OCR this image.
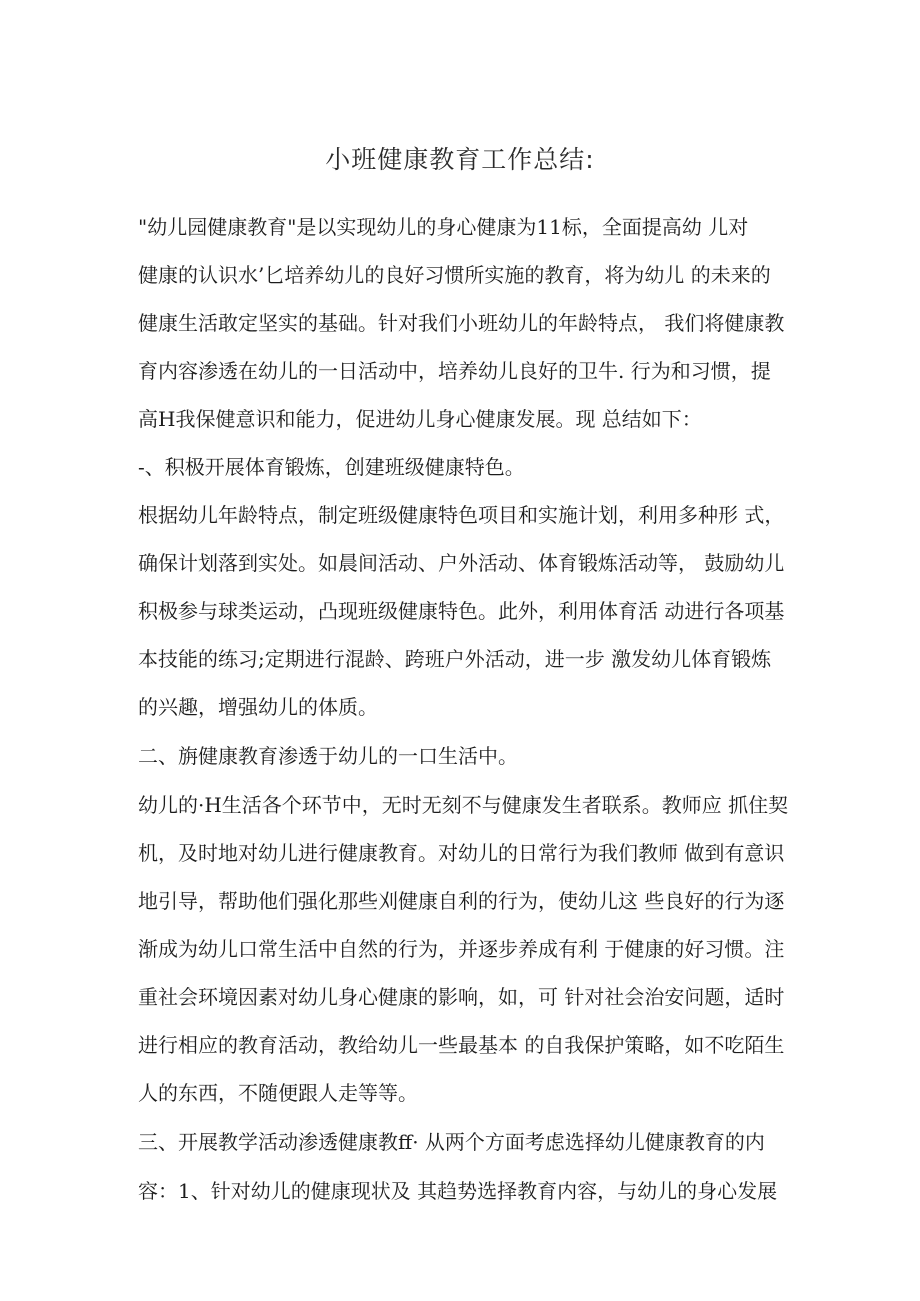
小班健康教育工作总结:
"幼儿园健康教育"是以实现幼儿的身心健康为11标，全面提高幼 儿对
健康的认识水’匕培养幼儿的良好习惯所实施的教育，将为幼儿 的未来的
健康生活敢定坚实的基础。针对我们小班幼儿的年龄特点， 我们将健康教
育内容渗透在幼儿的一日活动中，培养幼儿良好的卫牛. 行为和习惯，提
高H我保健意识和能力，促进幼儿身心健康发展。现 总结如下：
-、积极开展体育锻炼，创建班级健康特色。
根据幼儿年龄特点，制定班级健康特色项目和实施计划，利用多种形 式，
确保计划落到实处。如晨间活动、户外活动、体育锻炼活动等， 鼓励幼儿
积极参与球类运动，凸现班级健康特色。此外，利用体育活 动进行各项基
本技能的练习;定期进行混龄、跨班户外活动，进一步 激发幼儿体育锻炼
的兴趣，增强幼儿的体质。
二、旃健康教育渗透于幼儿的一口生活中。
幼儿的·H生活各个环节中，无时无刻不与健康发生者联系。教师应 抓住契
机，及时地对幼儿进行健康教育。对幼儿的日常行为我们教师 做到有意识
地引导，帮助他们强化那些刈健康自利的行为，使幼儿这 些良好的行为逐
渐成为幼儿口常生活中自然的行为，并逐步养成有利 于健康的好习惯。注
重社会环境因素对幼儿身心健康的影响，如，可 针对社会治安问题，适时
进行相应的教育活动，教给幼儿一些最基本 的自我保护策略，如不吃陌生
人的东西，不随便跟人走等等。
三、开展教学活动渗透健康教ff· 从两个方面考虑选择幼儿健康教育的内
容：1、针对幼儿的健康现状及 其趋势选择教育内容，与幼儿的身心发展
